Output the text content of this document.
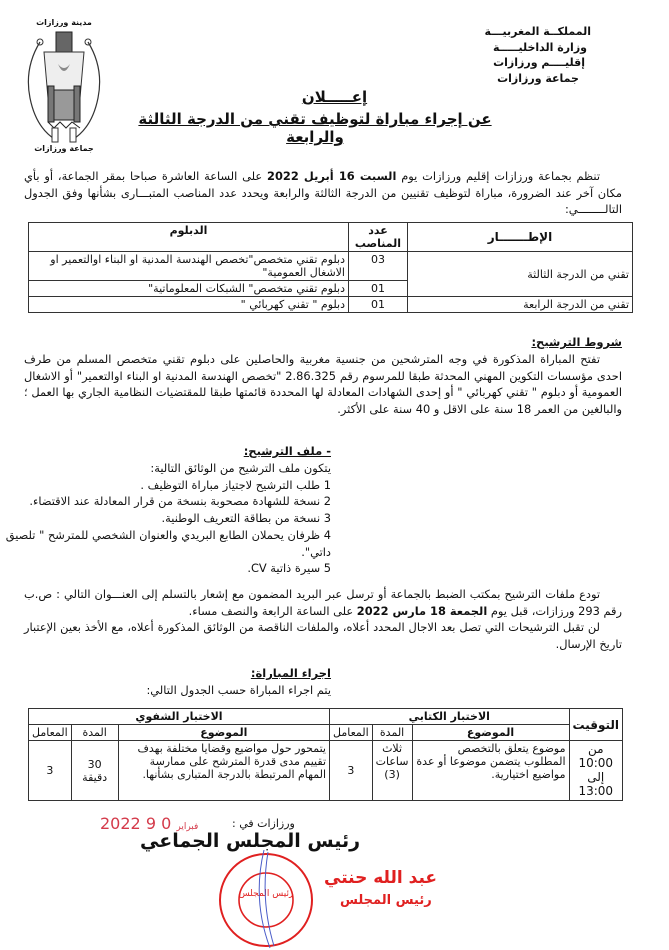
المملكــة المغربيـــة
وزارة الداخليـــــة
إقليــــم ورزازات
جماعة ورزازات
مدينة ورزازات
جماعة ورزازات
إعـــــلان
عن إجراء مباراة لتوظيف تقني من الدرجة الثالثة والرابعة
تنظم بجماعة ورزازات إقليم ورزازات يوم السبت 16 أبريل 2022 على الساعة العاشرة صباحا بمقر الجماعة، أو بأي مكان آخر عند الضرورة، مباراة لتوظيف تقنيين من الدرجة الثالثة والرابعة ويحدد عدد المناصب المتبـــارى بشأنها وفق الجدول التالــــــــي:
الإطـــــــار	عدد المناصب	الدبلوم
تقني من الدرجة الثالثة	03	دبلوم تقني متخصص"تخصص الهندسة المدنية او البناء اوالتعمير او الاشغال العمومية"
	01	دبلوم تقني متخصص" الشبكات المعلوماتية"
تقني من الدرجة الرابعة	01	دبلوم " تقني كهربائي "
شروط الترشيح:
تفتح المباراة المذكورة في وجه المترشحين من جنسية مغربية والحاصلين على دبلوم تقني متخصص المسلم من طرف احدى مؤسسات التكوين المهني المحدثة طبقا للمرسوم رقم 2.86.325 "تخصص الهندسة المدنية او البناء اوالتعمير" أو الاشغال العمومية أو دبلوم " تقني كهربائي " أو إحدى الشهادات المعادلة لها المحددة قائمتها طبقا للمقتضيات النظامية الجاري بها العمل ؛ والبالغين من العمر 18 سنة على الاقل و 40 سنة على الأكثر.
- ملف الترشيح:
يتكون ملف الترشيح من الوثائق التالية:
1 طلب الترشيح لاجتياز مباراة التوظيف .
2 نسخة للشهادة مصحوبة بنسخة من قرار المعادلة عند الاقتضاء.
3 نسخة من بطاقة التعريف الوطنية.
4 ظرفان يحملان الطابع البريدي والعنوان الشخصي للمترشح " تلصيق داتي".
5 سيرة ذاتية CV.
تودع ملفات الترشيح بمكتب الضبط بالجماعة أو ترسل عبر البريد المضمون مع إشعار بالتسلم إلى العنـــوان التالي : ص.ب رقم 293 ورزازات، قبل يوم الجمعة 18 مارس 2022 على الساعة الرابعة والنصف مساء.
لن تقبل الترشيحات التي تصل بعد الاجال المحدد أعلاه، والملفات الناقصة من الوثائق المذكورة أعلاه، مع الأخذ بعين الإعتبار تاريخ الإرسال.
اجراء المباراة:
يتم اجراء المباراة حسب الجدول التالي:
التوقيت	الاختبار الكتابي			الاختبار الشفوي		
	الموضوع	المدة	المعامل	الموضوع	المدة	المعامل
من 10:00 إلى 13:00	موضوع يتعلق بالتخصص المطلوب يتضمن موضوعا أو عدة مواضيع اختيارية.	ثلاث ساعات (3)	3	يتمحور حول مواضيع وقضايا مختلفة بهدف تقييم مدى قدرة المترشح على ممارسة المهام المرتبطة بالدرجة المتبارى بشأنها.	30 دقيقة	3
ورزازات في :
2022	فبراير 0 9
رئيس المجلس الجماعي
رئيس المجلس
عبد الله حنتي
رئيس المجلس
